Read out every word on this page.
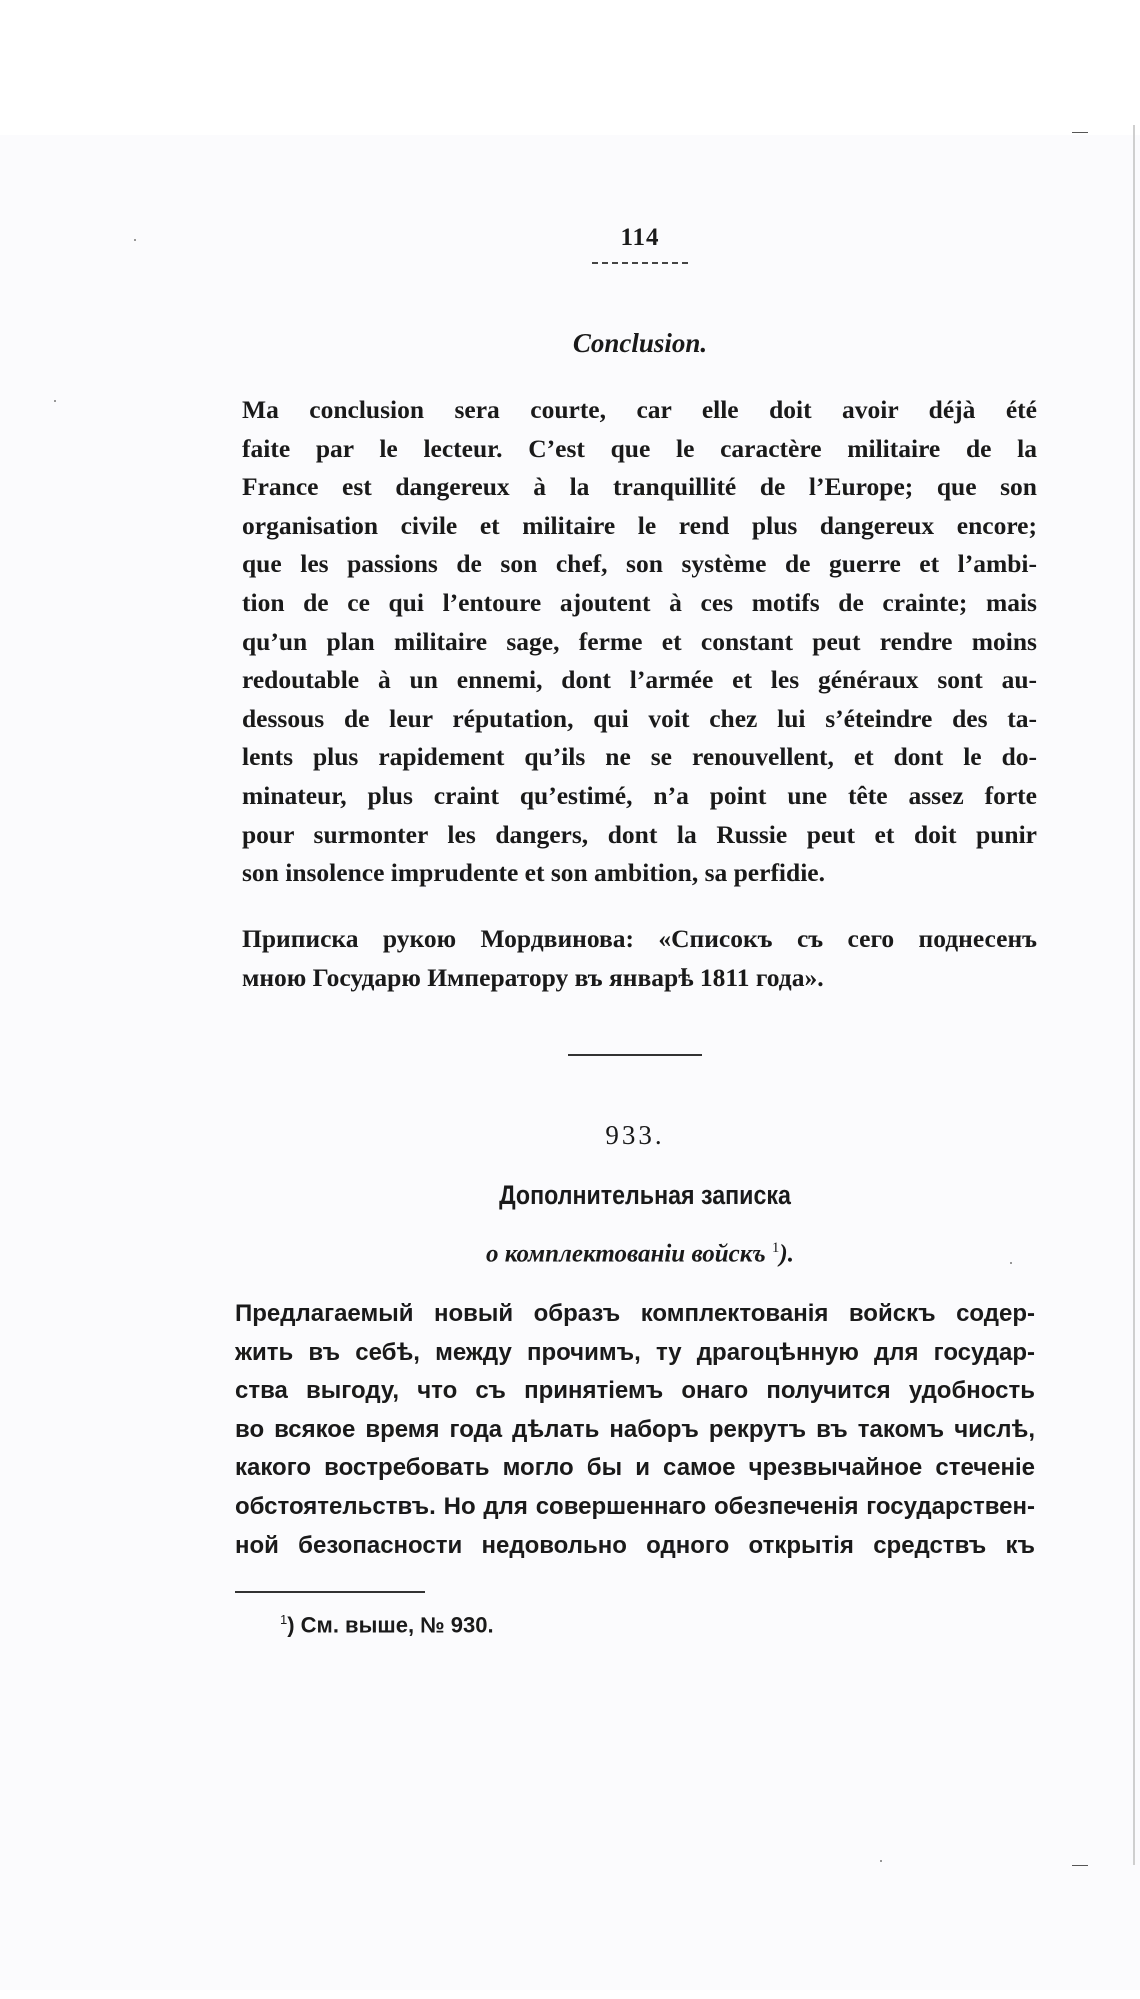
114
Conclusion.
Ma conclusion sera courte, car elle doit avoir déjà été
faite par le lecteur. C’est que le caractère militaire de la
France est dangereux à la tranquillité de l’Europe; que son
organisation civile et militaire le rend plus dangereux encore;
que les passions de son chef, son système de guerre et l’ambi-
tion de ce qui l’entoure ajoutent à ces motifs de crainte; mais
qu’un plan militaire sage, ferme et constant peut rendre moins
redoutable à un ennemi, dont l’armée et les généraux sont au-
dessous de leur réputation, qui voit chez lui s’éteindre des ta-
lents plus rapidement qu’ils ne se renouvellent, et dont le do-
minateur, plus craint qu’estimé, n’a point une tête assez forte
pour surmonter les dangers, dont la Russie peut et doit punir
son insolence imprudente et son ambition, sa perfidie.
Приписка рукою Мордвинова: «Списокъ съ сего поднесенъ
мною Государю Императору въ январѣ 1811 года».
933.
Дополнительная записка
о комплектованіи войскъ $^1$).
Предлагаемый новый образъ комплектованія войскъ содер-
жить въ себѣ, между прочимъ, ту драгоцѣнную для государ-
ства выгоду, что съ принятіемъ онаго получится удобность
во всякое время года дѣлать наборъ рекрутъ въ такомъ числѣ,
какого востребовать могло бы и самое чрезвычайное стеченіе
обстоятельствъ. Но для совершеннаго обезпеченія государствен-
ной безопасности недовольно одного открытія средствъ къ
$^1$) См. выше, № 930.
